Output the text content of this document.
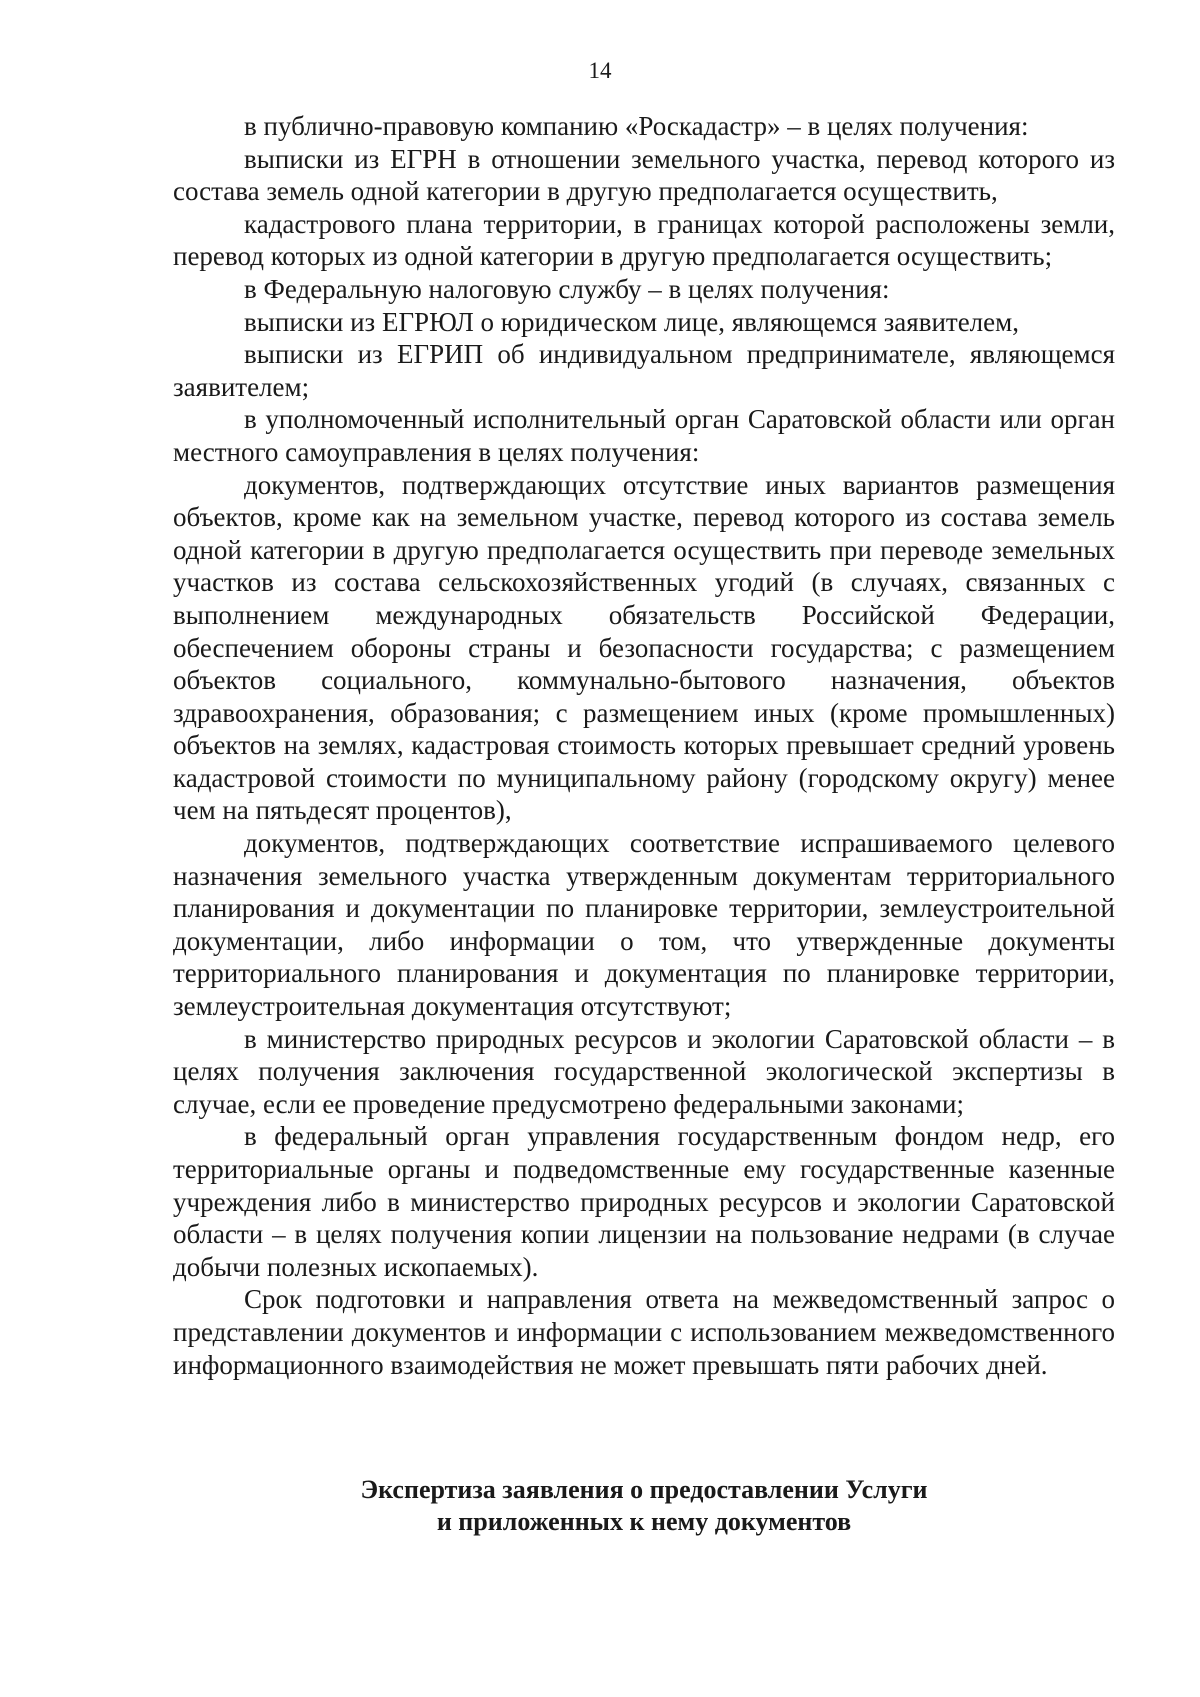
14

в публично-правовую компанию «Роскадастр» – в целях получения:

выписки из ЕГРН в отношении земельного участка, перевод которого из состава земель одной категории в другую предполагается осуществить,

кадастрового плана территории, в границах которой расположены земли, перевод которых из одной категории в другую предполагается осуществить;

в Федеральную налоговую службу – в целях получения:

выписки из ЕГРЮЛ о юридическом лице, являющемся заявителем,

выписки из ЕГРИП об индивидуальном предпринимателе, являющемся заявителем;

в уполномоченный исполнительный орган Саратовской области или орган местного самоуправления в целях получения:

документов, подтверждающих отсутствие иных вариантов размещения объектов, кроме как на земельном участке, перевод которого из состава земель одной категории в другую предполагается осуществить при переводе земельных участков из состава сельскохозяйственных угодий (в случаях, связанных с выполнением международных обязательств Российской Федерации, обеспечением обороны страны и безопасности государства; с размещением объектов социального, коммунально-бытового назначения, объектов здравоохранения, образования; с размещением иных (кроме промышленных) объектов на землях, кадастровая стоимость которых превышает средний уровень кадастровой стоимости по муниципальному району (городскому округу) менее чем на пятьдесят процентов),

документов, подтверждающих соответствие испрашиваемого целевого назначения земельного участка утвержденным документам территориального планирования и документации по планировке территории, землеустроительной документации, либо информации о том, что утвержденные документы территориального планирования и документация по планировке территории, землеустроительная документация отсутствуют;

в министерство природных ресурсов и экологии Саратовской области – в целях получения заключения государственной экологической экспертизы в случае, если ее проведение предусмотрено федеральными законами;

в федеральный орган управления государственным фондом недр, его территориальные органы и подведомственные ему государственные казенные учреждения либо в министерство природных ресурсов и экологии Саратовской области – в целях получения копии лицензии на пользование недрами (в случае добычи полезных ископаемых).

Срок подготовки и направления ответа на межведомственный запрос о представлении документов и информации с использованием межведомственного информационного взаимодействия не может превышать пяти рабочих дней.

Экспертиза заявления о предоставлении Услуги
и приложенных к нему документов
